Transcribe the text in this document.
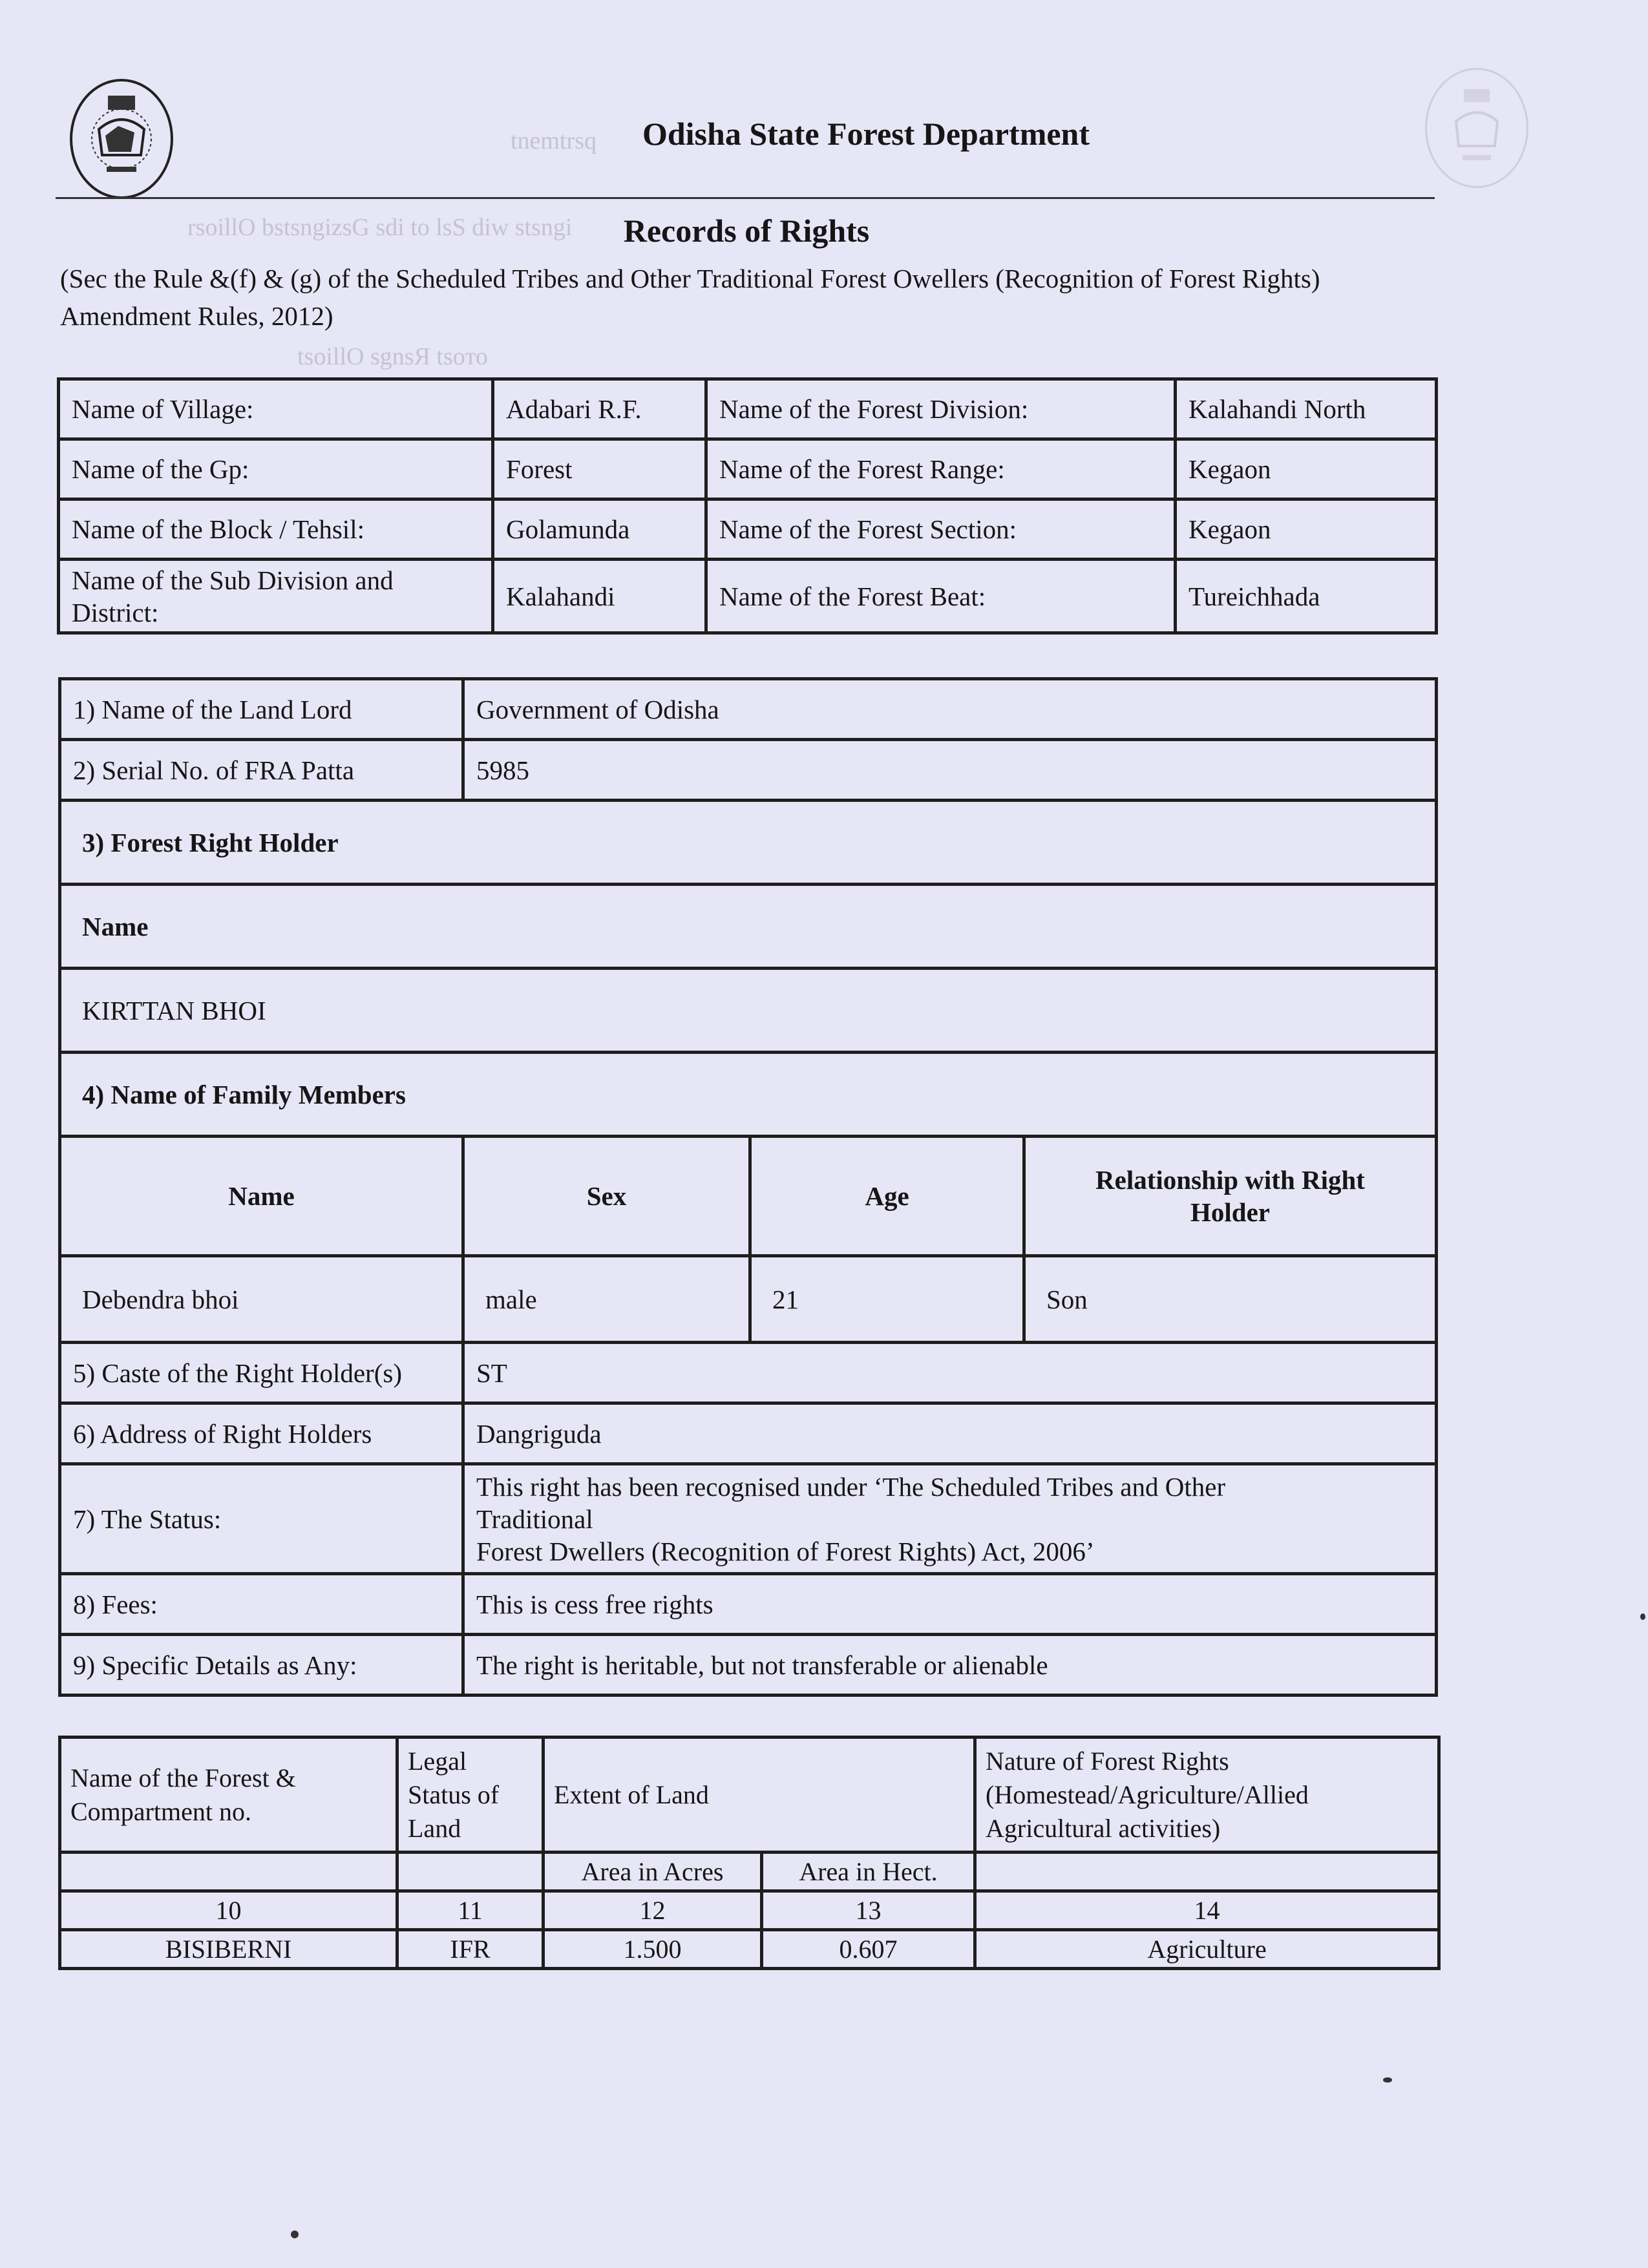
tnemtrsq
rsoillO bstsngizsG sdi to lsS diw stsngi
tsoillO sgnsЯ tsoто
Odisha State Forest Department
Records of Rights
(Sec the Rule &(f) & (g) of the Scheduled Tribes and Other Traditional Forest Owellers (Recognition of Forest Rights) Amendment Rules, 2012)
Name of Village:	Adabari R.F.	Name of the Forest Division:	Kalahandi North
Name of the Gp:	Forest	Name of the Forest Range:	Kegaon
Name of the Block / Tehsil:	Golamunda	Name of the Forest Section:	Kegaon
Name of the Sub Division and District:	Kalahandi	Name of the Forest Beat:	Tureichhada
1) Name of the Land Lord	Government of Odisha		
2) Serial No. of FRA Patta	5985		
3) Forest Right Holder			
Name			
KIRTTAN BHOI			
4) Name of Family Members			
Name	Sex	Age	Relationship with Right Holder
Debendra bhoi	male	21	Son
5) Caste of the Right Holder(s)	ST		
6) Address of Right Holders	Dangriguda		
7) The Status:	This right has been recognised under ‘The Scheduled Tribes and Other
Traditional
Forest Dwellers (Recognition of Forest Rights) Act, 2006’		

8) Fees:	This is cess free rights		
9) Specific Details as Any:	The right is heritable, but not transferable or alienable		
Name of the Forest & Compartment no.	Legal Status of Land	Extent of Land		Nature of Forest Rights (Homestead/Agriculture/Allied Agricultural activities)
		Area in Acres	Area in Hect.	
10	11	12	13	14
BISIBERNI	IFR	1.500	0.607	Agriculture
